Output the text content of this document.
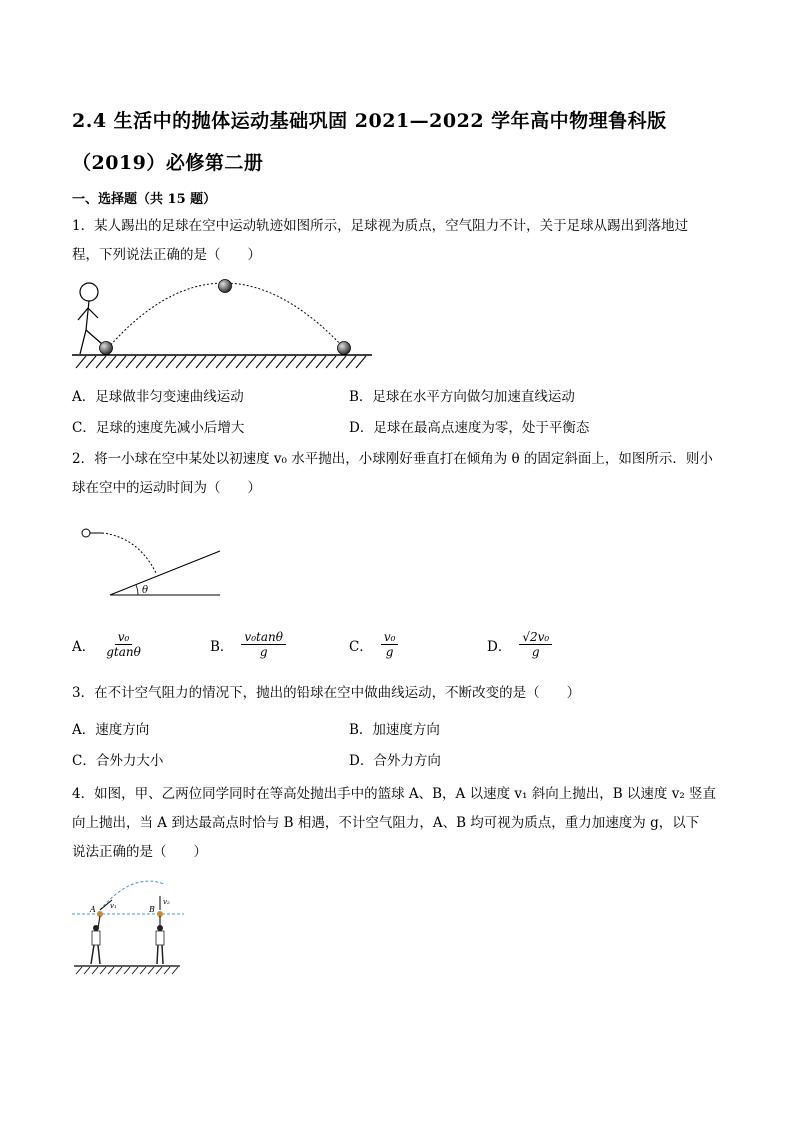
2.4 生活中的抛体运动基础巩固 2021—2022 学年高中物理鲁科版
（2019）必修第二册
一、选择题（共 15 题）
1．某人踢出的足球在空中运动轨迹如图所示，足球视为质点，空气阻力不计，关于足球从踢出到落地过
程，下列说法正确的是（　　）
A．足球做非匀变速曲线运动	B．足球在水平方向做匀加速直线运动
C．足球的速度先减小后增大	D．足球在最高点速度为零，处于平衡态
2．将一小球在空中某处以初速度 v₀ 水平抛出，小球刚好垂直打在倾角为 θ 的固定斜面上，如图所示．则小
球在空中的运动时间为（　　）
θ
A． $\frac{\text{v₀}}{gtan\theta}$	B． $\frac{\text{v₀tanθ}}{g}$	C． $\frac{\text{v₀}}{g}$	D． $\frac{\text{√2v₀}}{g}$
3．在不计空气阻力的情况下，抛出的铅球在空中做曲线运动，不断改变的是（　　）
A．速度方向	B．加速度方向
C．合外力大小	D．合外力方向
4．如图，甲、乙两位同学同时在等高处抛出手中的篮球 A、B，A 以速度 v₁ 斜向上抛出，B 以速度 v₂ 竖直
向上抛出，当 A 到达最高点时恰与 B 相遇，不计空气阻力，A、B 均可视为质点，重力加速度为 g，以下
说法正确的是（　　）
v₁	v₂
A	B
